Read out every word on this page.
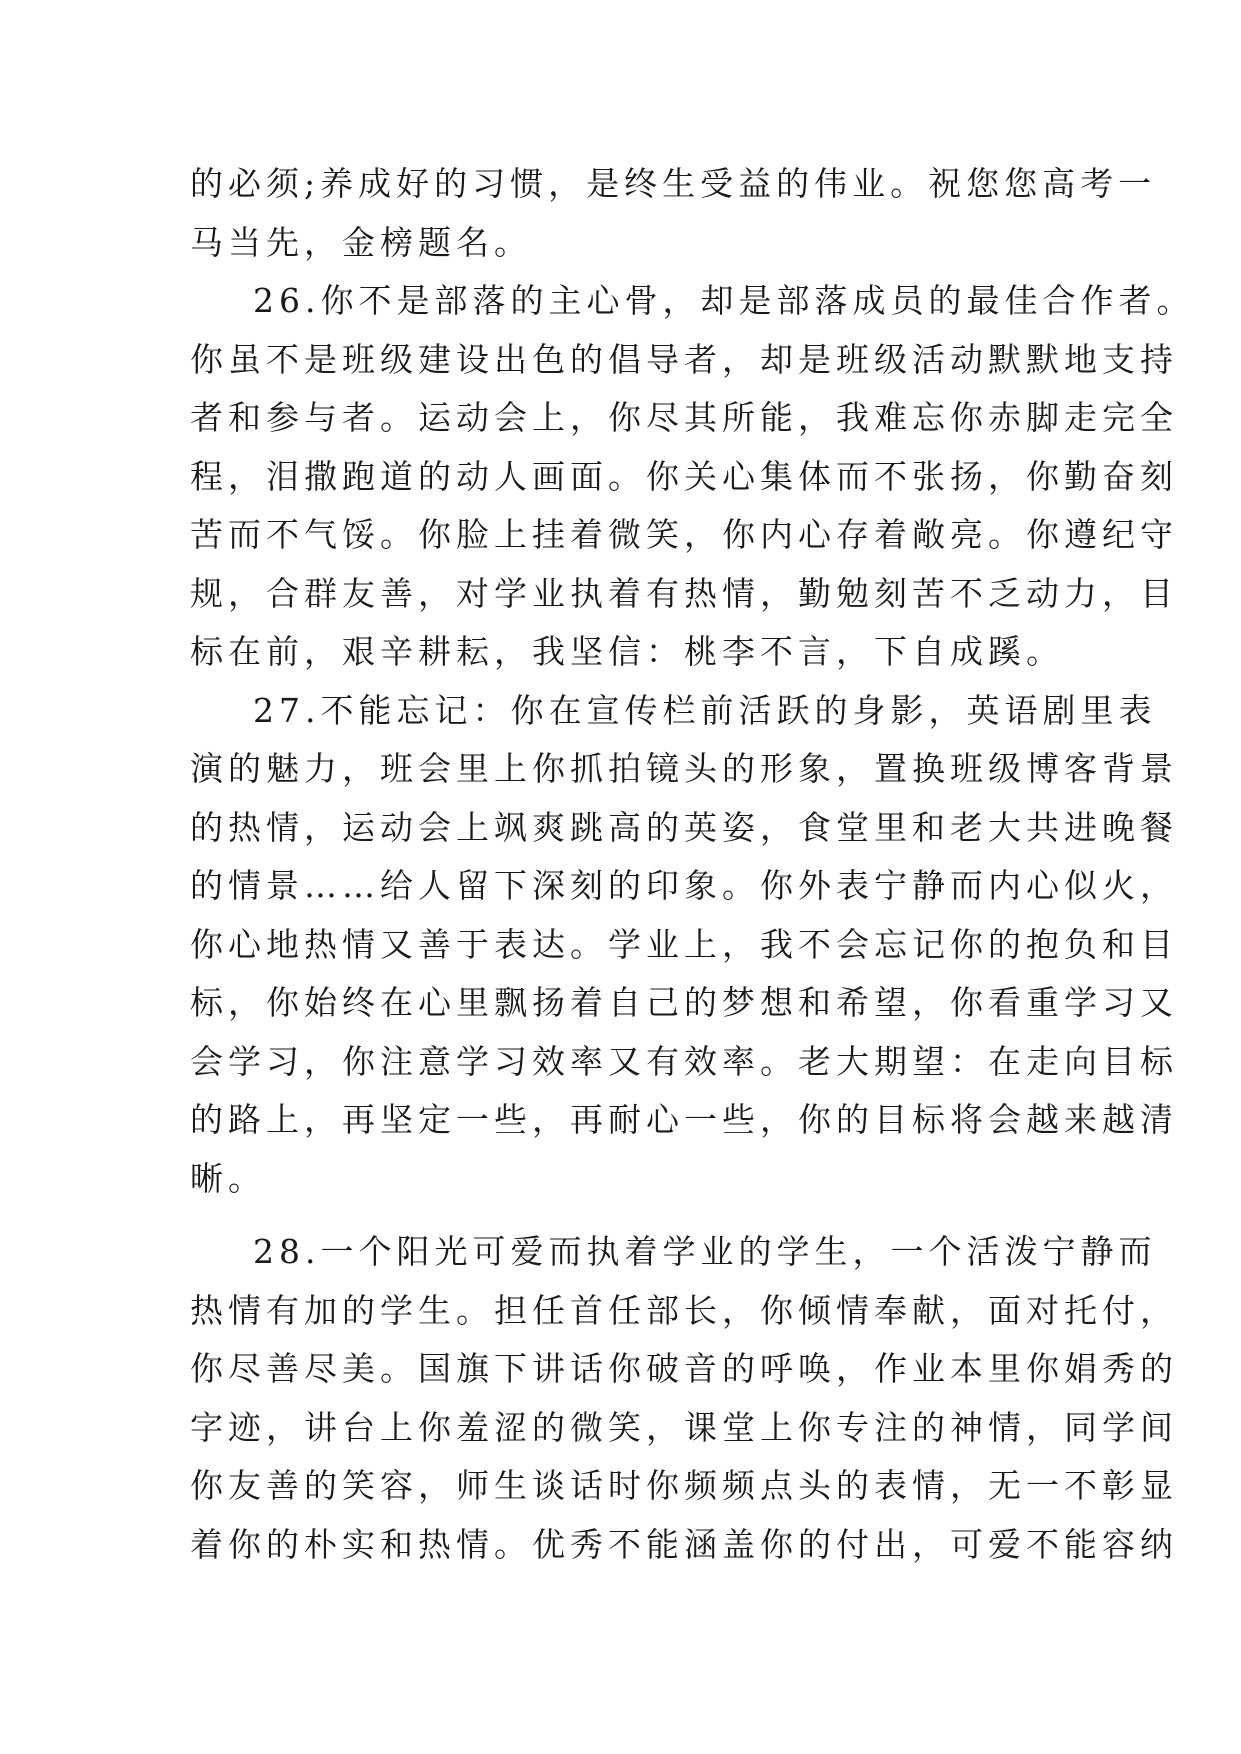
的必须;养成好的习惯，是终生受益的伟业。祝您您高考一
马当先，金榜题名。
26.你不是部落的主心骨，却是部落成员的最佳合作者。
你虽不是班级建设出色的倡导者，却是班级活动默默地支持
者和参与者。运动会上，你尽其所能，我难忘你赤脚走完全
程，泪撒跑道的动人画面。你关心集体而不张扬，你勤奋刻
苦而不气馁。你脸上挂着微笑，你内心存着敞亮。你遵纪守
规，合群友善，对学业执着有热情，勤勉刻苦不乏动力，目
标在前，艰辛耕耘，我坚信：桃李不言，下自成蹊。
27.不能忘记：你在宣传栏前活跃的身影，英语剧里表
演的魅力，班会里上你抓拍镜头的形象，置换班级博客背景
的热情，运动会上飒爽跳高的英姿，食堂里和老大共进晚餐
的情景……给人留下深刻的印象。你外表宁静而内心似火，
你心地热情又善于表达。学业上，我不会忘记你的抱负和目
标，你始终在心里飘扬着自己的梦想和希望，你看重学习又
会学习，你注意学习效率又有效率。老大期望：在走向目标
的路上，再坚定一些，再耐心一些，你的目标将会越来越清
晰。
28.一个阳光可爱而执着学业的学生，一个活泼宁静而
热情有加的学生。担任首任部长，你倾情奉献，面对托付，
你尽善尽美。国旗下讲话你破音的呼唤，作业本里你娟秀的
字迹，讲台上你羞涩的微笑，课堂上你专注的神情，同学间
你友善的笑容，师生谈话时你频频点头的表情，无一不彰显
着你的朴实和热情。优秀不能涵盖你的付出，可爱不能容纳
